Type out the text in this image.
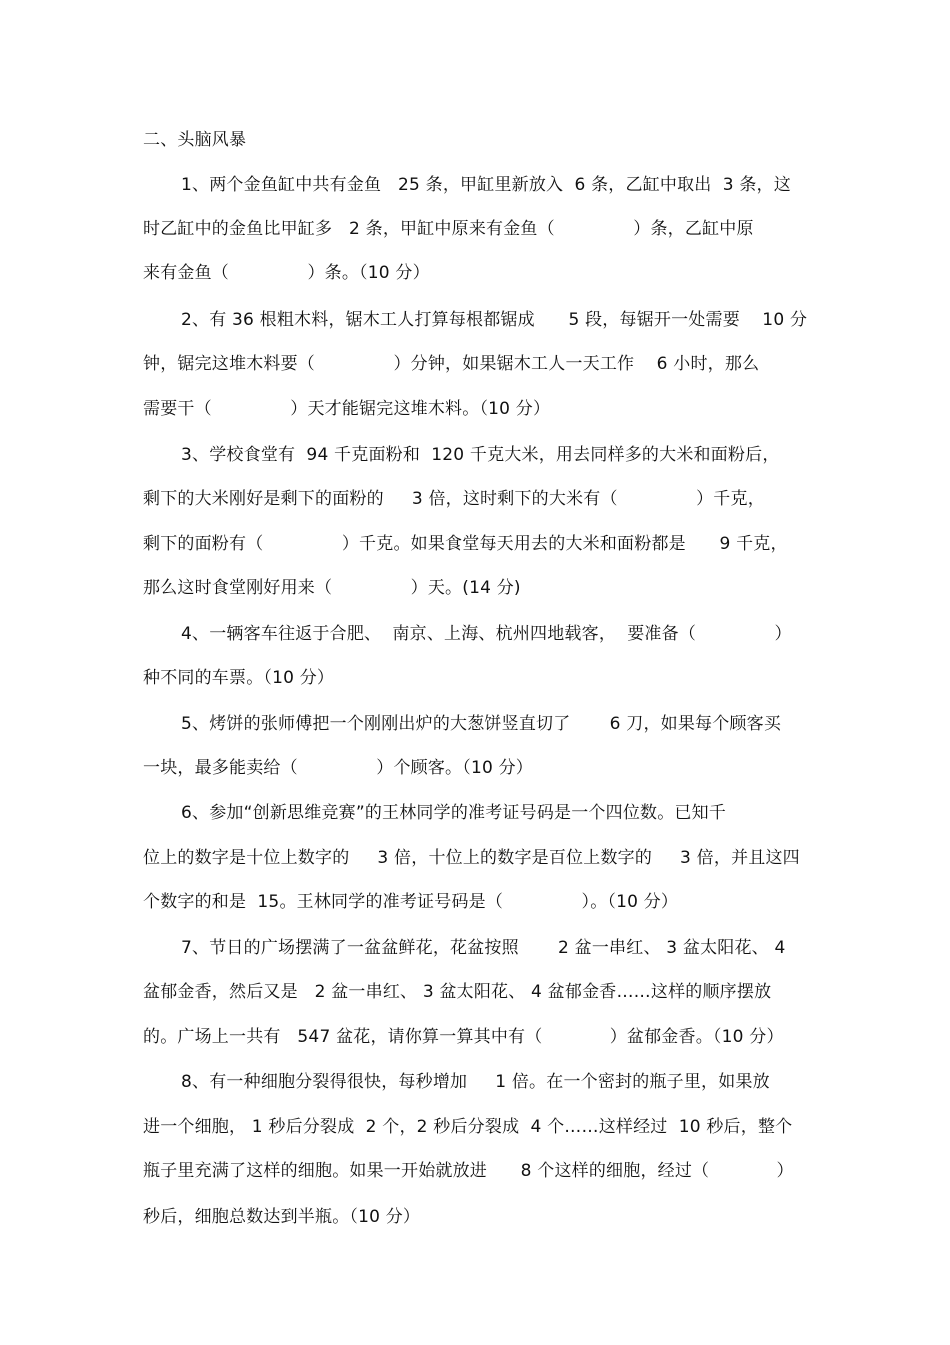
二、头脑风暴
1、两个金鱼缸中共有金鱼   25 条，甲缸里新放入  6 条，乙缸中取出  3 条，这
时乙缸中的金鱼比甲缸多   2 条，甲缸中原来有金鱼（              ）条，乙缸中原
来有金鱼（              ）条。（10 分）
2、有 36 根粗木料，锯木工人打算每根都锯成      5 段，每锯开一处需要    10 分
钟，锯完这堆木料要（              ）分钟，如果锯木工人一天工作    6 小时，那么
需要干（              ）天才能锯完这堆木料。（10 分）
3、学校食堂有  94 千克面粉和  120 千克大米，用去同样多的大米和面粉后，
剩下的大米刚好是剩下的面粉的     3 倍，这时剩下的大米有（              ）千克，
剩下的面粉有（              ）千克。如果食堂每天用去的大米和面粉都是      9 千克，
那么这时食堂刚好用来（              ）天。(14 分)
4、一辆客车往返于合肥、  南京、上海、杭州四地载客，  要准备（              ）
种不同的车票。（10 分）
5、烤饼的张师傅把一个刚刚出炉的大葱饼竖直切了       6 刀，如果每个顾客买
一块，最多能卖给（              ）个顾客。（10 分）
6、参加“创新思维竞赛”的王林同学的准考证号码是一个四位数。已知千
位上的数字是十位上数字的     3 倍，十位上的数字是百位上数字的     3 倍，并且这四
个数字的和是  15。王林同学的准考证号码是（              ）。（10 分）
7、节日的广场摆满了一盆盆鲜花，花盆按照       2 盆一串红、 3 盆太阳花、 4
盆郁金香，然后又是   2 盆一串红、 3 盆太阳花、 4 盆郁金香……这样的顺序摆放
的。广场上一共有   547 盆花，请你算一算其中有（            ）盆郁金香。（10 分）
8、有一种细胞分裂得很快，每秒增加     1 倍。在一个密封的瓶子里，如果放
进一个细胞， 1 秒后分裂成  2 个，2 秒后分裂成  4 个……这样经过  10 秒后，整个
瓶子里充满了这样的细胞。如果一开始就放进      8 个这样的细胞，经过（            ）
秒后，细胞总数达到半瓶。（10 分）
